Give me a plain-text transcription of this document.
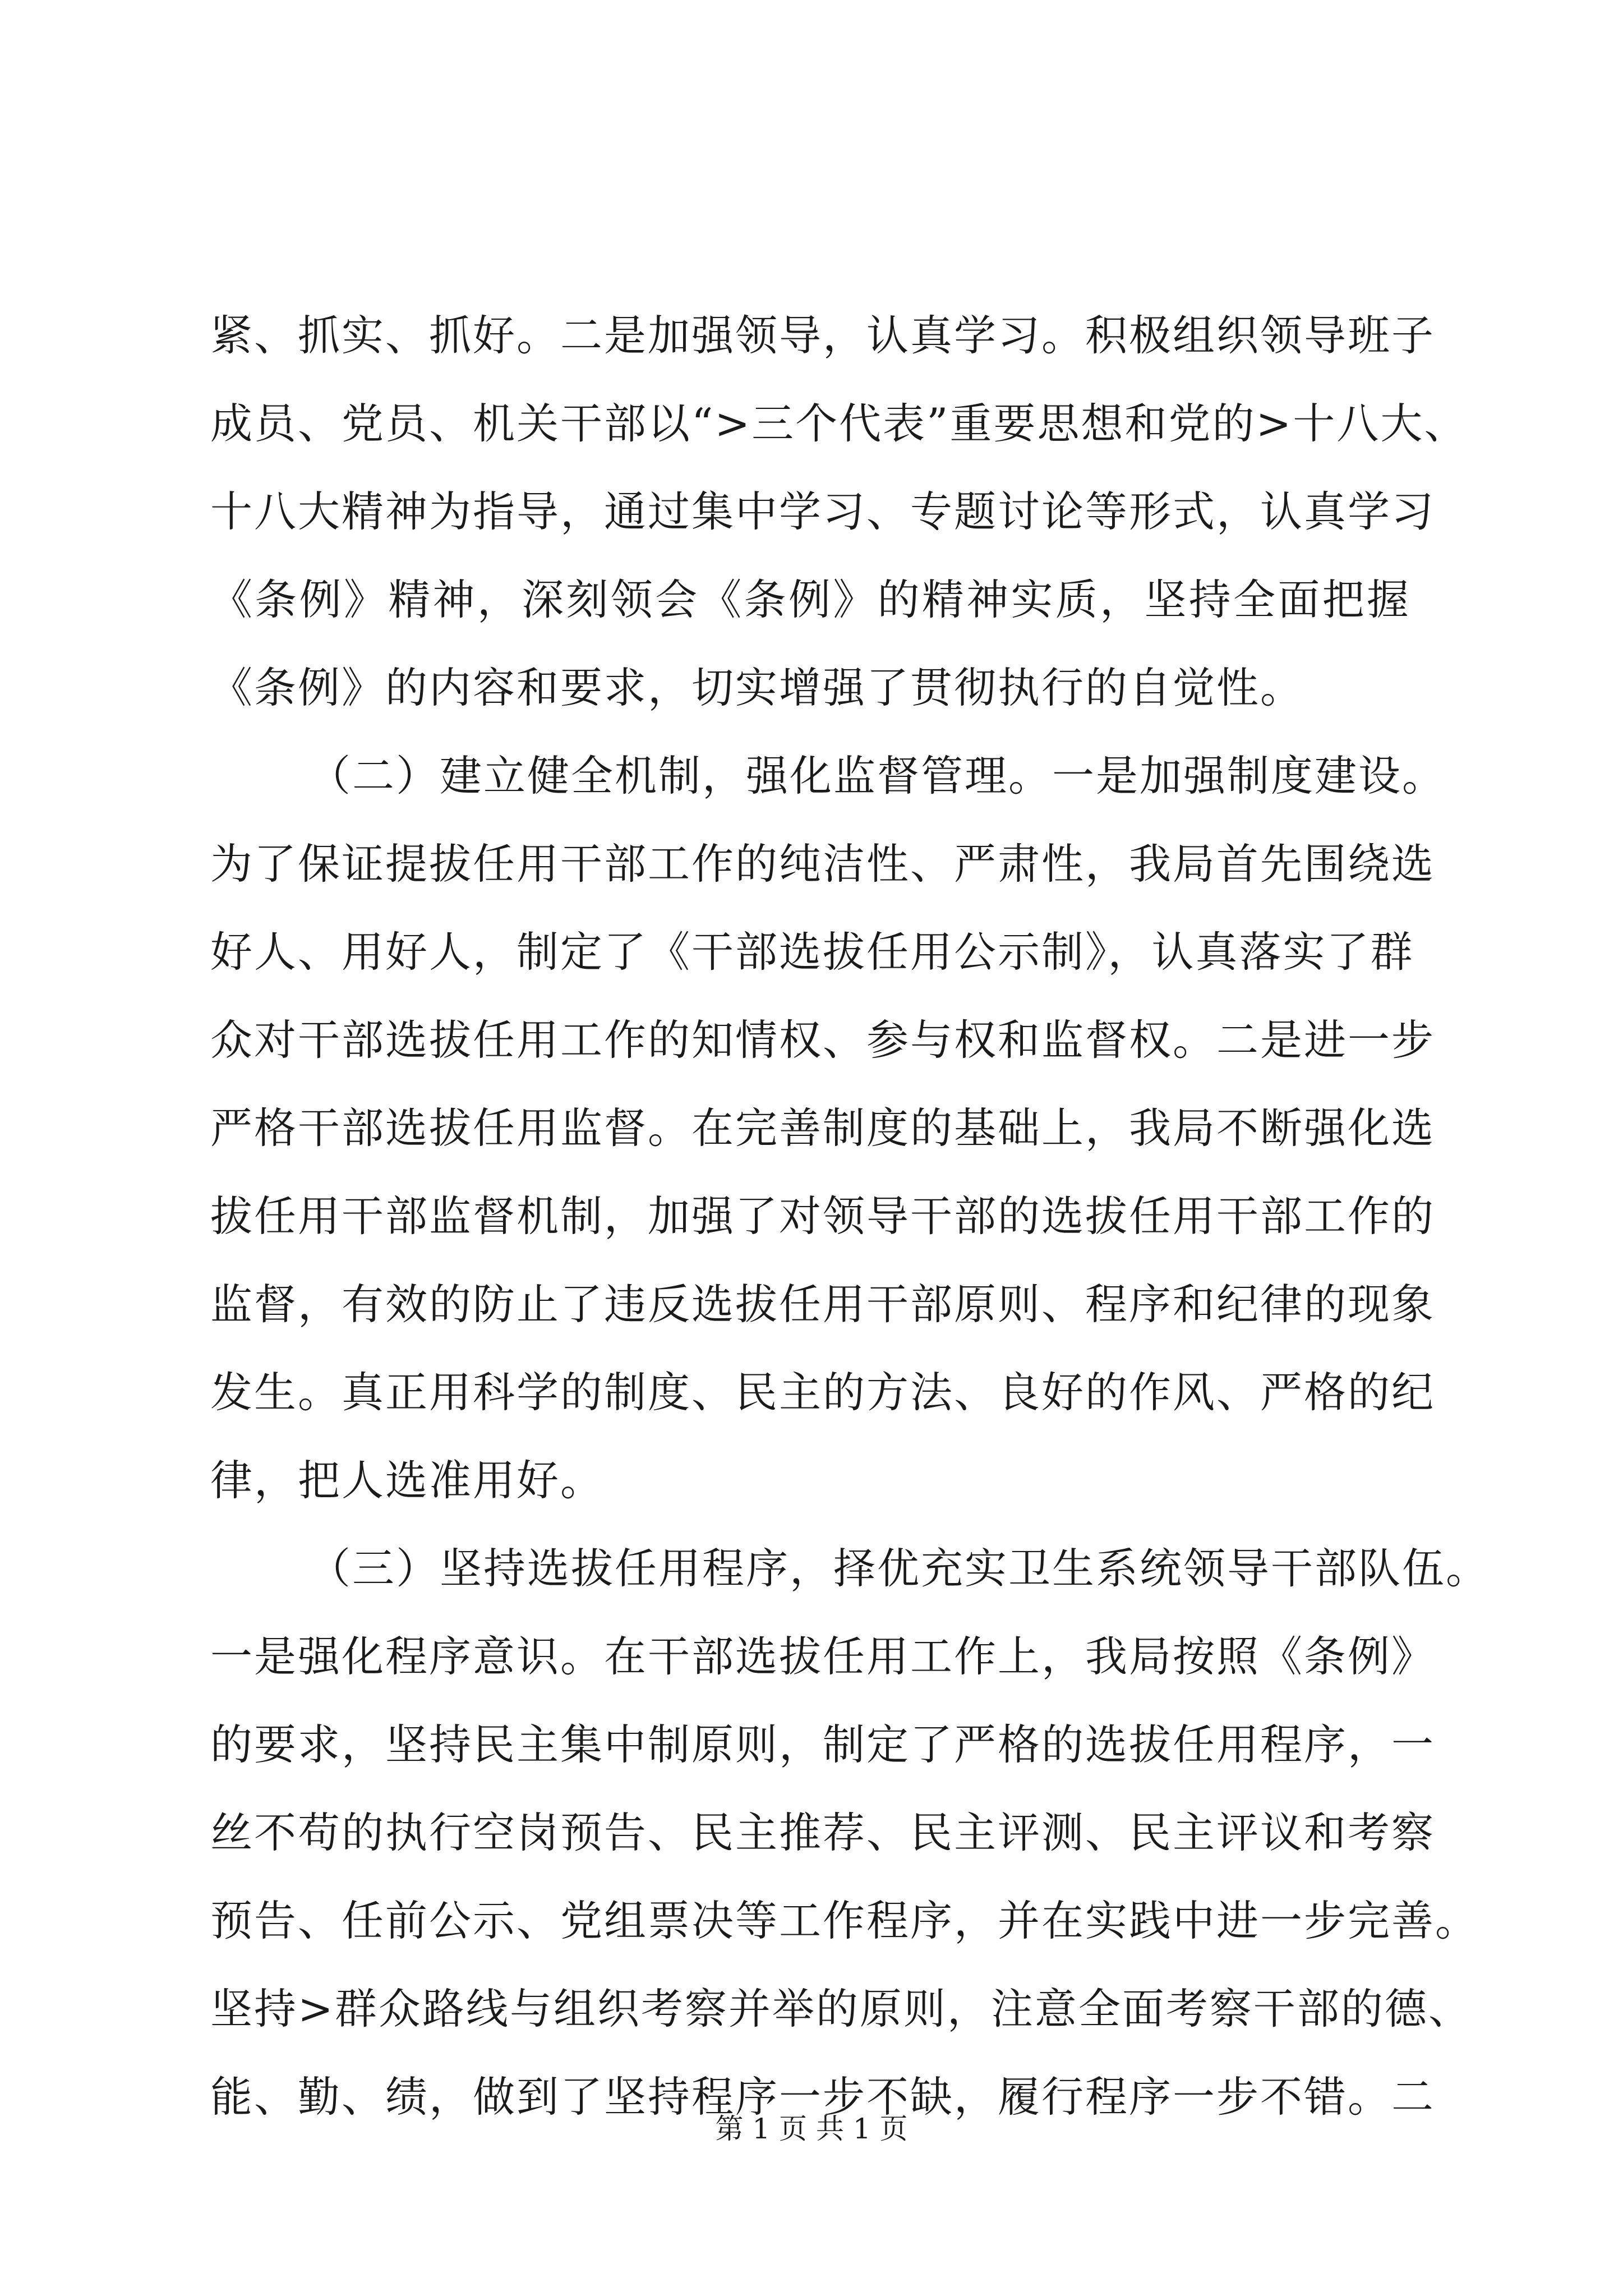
紧、抓实、抓好。二是加强领导，认真学习。积极组织领导班子
成员、党员、机关干部以“>三个代表”重要思想和党的>十八大、
十八大精神为指导，通过集中学习、专题讨论等形式，认真学习
《条例》精神，深刻领会《条例》的精神实质，坚持全面把握
《条例》的内容和要求，切实增强了贯彻执行的自觉性。
（二）建立健全机制，强化监督管理。一是加强制度建设。
为了保证提拔任用干部工作的纯洁性、严肃性，我局首先围绕选
好人、用好人，制定了《干部选拔任用公示制》，认真落实了群
众对干部选拔任用工作的知情权、参与权和监督权。二是进一步
严格干部选拔任用监督。在完善制度的基础上，我局不断强化选
拔任用干部监督机制，加强了对领导干部的选拔任用干部工作的
监督，有效的防止了违反选拔任用干部原则、程序和纪律的现象
发生。真正用科学的制度、民主的方法、良好的作风、严格的纪
律，把人选准用好。
（三）坚持选拔任用程序，择优充实卫生系统领导干部队伍。
一是强化程序意识。在干部选拔任用工作上，我局按照《条例》
的要求，坚持民主集中制原则，制定了严格的选拔任用程序，一
丝不苟的执行空岗预告、民主推荐、民主评测、民主评议和考察
预告、任前公示、党组票决等工作程序，并在实践中进一步完善。
坚持>群众路线与组织考察并举的原则，注意全面考察干部的德、
能、勤、绩，做到了坚持程序一步不缺，履行程序一步不错。二
第 1 页 共 1 页
